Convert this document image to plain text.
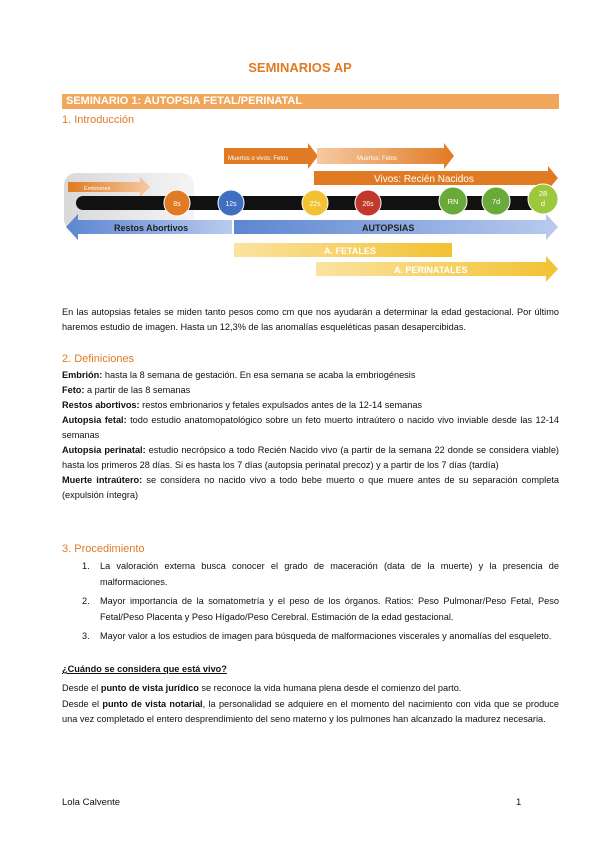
SEMINARIOS AP
SEMINARIO 1: AUTOPSIA FETAL/PERINATAL
1. Introducción
Muertos o vivos: Fetos	Muertos: Fetos
Vivos: Recién Nacidos
Embriones
8s	12s	22s	26s	RN	7d
28
d
Restos Abortivos	AUTOPSIAS
A. FETALES
A. PERINATALES
En las autopsias fetales se miden tanto pesos como cm que nos ayudarán a determinar la edad gestacional. Por último haremos estudio de imagen. Hasta un 12,3% de las anomalías esqueléticas pasan desapercibidas.
2. Definiciones
Embrión: hasta la 8 semana de gestación. En esa semana se acaba la embriogénesis
Feto: a partir de las 8 semanas
Restos abortivos: restos embrionarios y fetales expulsados antes de la 12-14 semanas
Autopsia fetal: todo estudio anatomopatológico sobre un feto muerto intraútero o nacido vivo inviable desde las 12-14 semanas
Autopsia perinatal: estudio necrópsico a todo Recién Nacido vivo (a partir de la semana 22 donde se considera viable) hasta los primeros 28 días. Si es hasta los 7 días (autopsia perinatal precoz) y a partir de los 7 días (tardía)
Muerte intraútero: se considera no nacido vivo a todo bebe muerto o que muere antes de su separación completa (expulsión íntegra)
3. Procedimiento
1. La valoración externa busca conocer el grado de maceración (data de la muerte) y la presencia de malformaciones.
2. Mayor importancia de la somatometría y el peso de los órganos. Ratios: Peso Pulmonar/Peso Fetal, Peso Fetal/Peso Placenta y Peso Hígado/Peso Cerebral. Estimación de la edad gestacional.
3. Mayor valor a los estudios de imagen para búsqueda de malformaciones viscerales y anomalías del esqueleto.
¿Cuándo se considera que está vivo?
Desde el punto de vista jurídico se reconoce la vida humana plena desde el comienzo del parto.
Desde el punto de vista notarial, la personalidad se adquiere en el momento del nacimiento con vida que se produce una vez completado el entero desprendimiento del seno materno y los pulmones han alcanzado la madurez necesaria.
Lola Calvente	1
